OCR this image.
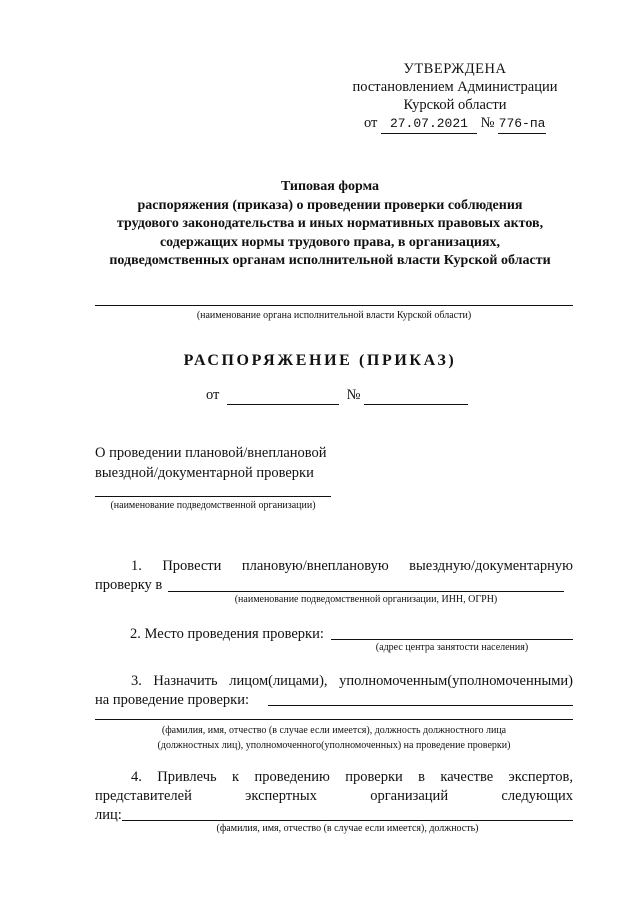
УТВЕРЖДЕНА
постановлением Администрации
Курской области
от 27.07.2021 № 776-па
Типовая форма
распоряжения (приказа) о проведении проверки соблюдения
трудового законодательства и иных нормативных правовых актов,
содержащих нормы трудового права, в организациях,
подведомственных органам исполнительной власти Курской области
(наименование органа исполнительной власти Курской области)
РАСПОРЯЖЕНИЕ (ПРИКАЗ)
от	№
О проведении плановой/внеплановой
выездной/документарной проверки
(наименование подведомственной организации)
1. Провести плановую/внеплановую выездную/документарную
проверку в
(наименование подведомственной организации, ИНН, ОГРН)
2. Место проведения проверки:
(адрес центра занятости населения)
3. Назначить лицом(лицами), уполномоченным(уполномоченными)
на проведение проверки:
(фамилия, имя, отчество (в случае если имеется), должность должностного лица
(должностных лиц), уполномоченного(уполномоченных) на проведение проверки)
4. Привлечь к проведению проверки в качестве экспертов,
представителей экспертных организаций следующих
лиц:
(фамилия, имя, отчество (в случае если имеется), должность)
